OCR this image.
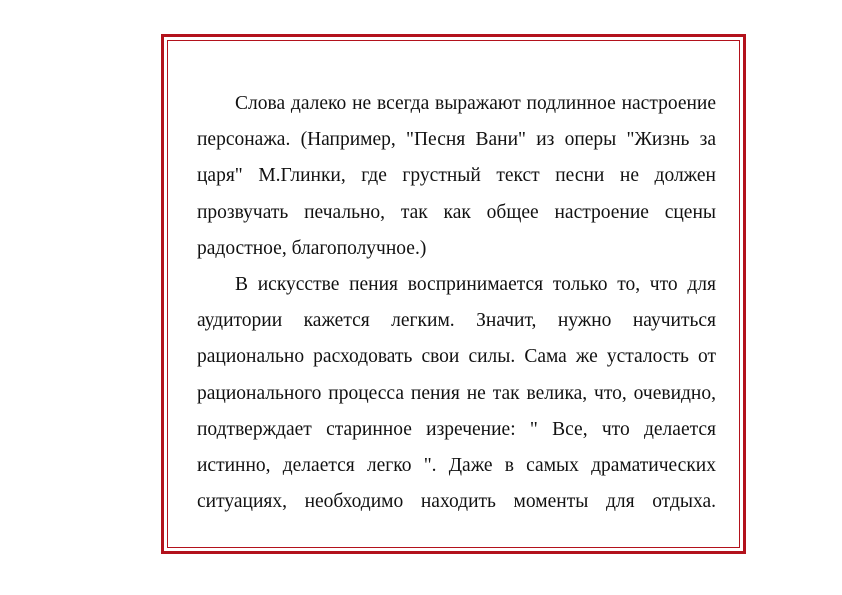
Слова далеко не всегда выражают подлинное настроение персонажа. (Например, "Песня Вани" из оперы "Жизнь за царя" М.Глинки, где грустный текст песни не должен прозвучать печально, так как общее настроение сцены радостное, благополучное.)

В искусстве пения воспринимается только то, что для аудитории кажется легким. Значит, нужно научиться рационально расходовать свои силы. Сама же усталость от рационального процесса пения не так велика, что, очевидно, подтверждает старинное изречение: " Все, что делается истинно, делается легко ". Даже в самых драматических ситуациях, необходимо находить моменты для отдыха.
